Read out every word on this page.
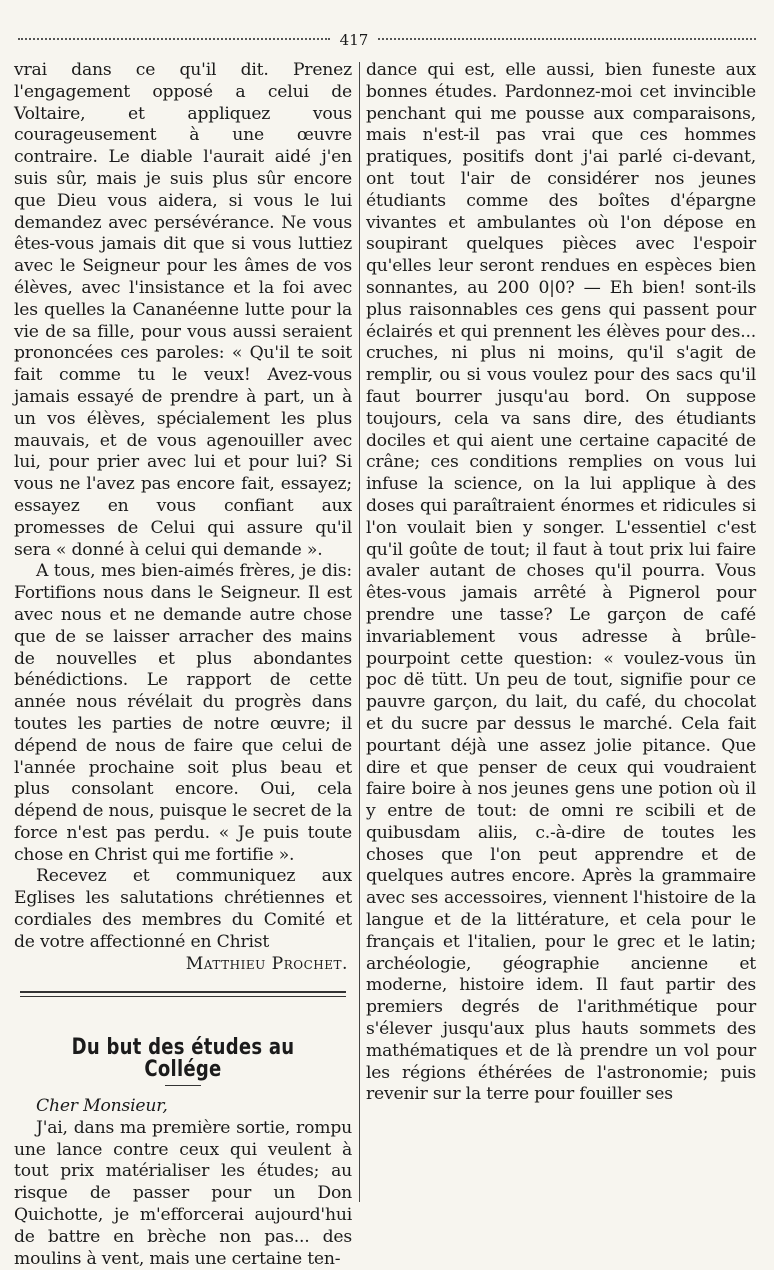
417

vrai dans ce qu'il dit. Prenez l'engagement opposé a celui de Voltaire, et appliquez vous courageusement à une œuvre contraire. Le diable l'aurait aidé j'en suis sûr, mais je suis plus sûr encore que Dieu vous aidera, si vous le lui demandez avec persévérance. Ne vous êtes-vous jamais dit que si vous luttiez avec le Seigneur pour les âmes de vos élèves, avec l'insistance et la foi avec les quelles la Cananéenne lutte pour la vie de sa fille, pour vous aussi seraient prononcées ces paroles: « Qu'il te soit fait comme tu le veux! Avez-vous jamais essayé de prendre à part, un à un vos élèves, spécialement les plus mauvais, et de vous agenouiller avec lui, pour prier avec lui et pour lui? Si vous ne l'avez pas encore fait, essayez; essayez en vous confiant aux promesses de Celui qui assure qu'il sera « donné à celui qui demande ».

A tous, mes bien-aimés frères, je dis: Fortifions nous dans le Seigneur. Il est avec nous et ne demande autre chose que de se laisser arracher des mains de nouvelles et plus abondantes bénédictions. Le rapport de cette année nous révélait du progrès dans toutes les parties de notre œuvre; il dépend de nous de faire que celui de l'année prochaine soit plus beau et plus consolant encore. Oui, cela dépend de nous, puisque le secret de la force n'est pas perdu. « Je puis toute chose en Christ qui me fortifie ».

Recevez et communiquez aux Eglises les salutations chrétiennes et cordiales des membres du Comité et de votre affectionné en Christ

Matthieu Prochet.

Du but des études au Collége

Cher Monsieur,

J'ai, dans ma première sortie, rompu une lance contre ceux qui veulent à tout prix matérialiser les études; au risque de passer pour un Don Quichotte, je m'efforcerai aujourd'hui de battre en brèche non pas... des moulins à vent, mais une certaine ten-

dance qui est, elle aussi, bien funeste aux bonnes études. Pardonnez-moi cet invincible penchant qui me pousse aux comparaisons, mais n'est-il pas vrai que ces hommes pratiques, positifs dont j'ai parlé ci-devant, ont tout l'air de considérer nos jeunes étudiants comme des boîtes d'épargne vivantes et ambulantes où l'on dépose en soupirant quelques pièces avec l'espoir qu'elles leur seront rendues en espèces bien sonnantes, au 200 0|0? — Eh bien! sont-ils plus raisonnables ces gens qui passent pour éclairés et qui prennent les élèves pour des... cruches, ni plus ni moins, qu'il s'agit de remplir, ou si vous voulez pour des sacs qu'il faut bourrer jusqu'au bord. On suppose toujours, cela va sans dire, des étudiants dociles et qui aient une certaine capacité de crâne; ces conditions remplies on vous lui infuse la science, on la lui applique à des doses qui paraîtraient énormes et ridicules si l'on voulait bien y songer. L'essentiel c'est qu'il goûte de tout; il faut à tout prix lui faire avaler autant de choses qu'il pourra. Vous êtes-vous jamais arrêté à Pignerol pour prendre une tasse? Le garçon de café invariablement vous adresse à brûle-pourpoint cette question: « voulez-vous ün poc dë tütt. Un peu de tout, signifie pour ce pauvre garçon, du lait, du café, du chocolat et du sucre par dessus le marché. Cela fait pourtant déjà une assez jolie pitance. Que dire et que penser de ceux qui voudraient faire boire à nos jeunes gens une potion où il y entre de tout: de omni re scibili et de quibusdam aliis, c.-à-dire de toutes les choses que l'on peut apprendre et de quelques autres encore. Après la grammaire avec ses accessoires, viennent l'histoire de la langue et de la littérature, et cela pour le français et l'italien, pour le grec et le latin; archéologie, géographie ancienne et moderne, histoire idem. Il faut partir des premiers degrés de l'arithmétique pour s'élever jusqu'aux plus hauts sommets des mathématiques et de là prendre un vol pour les régions éthérées de l'astronomie; puis revenir sur la terre pour fouiller ses
